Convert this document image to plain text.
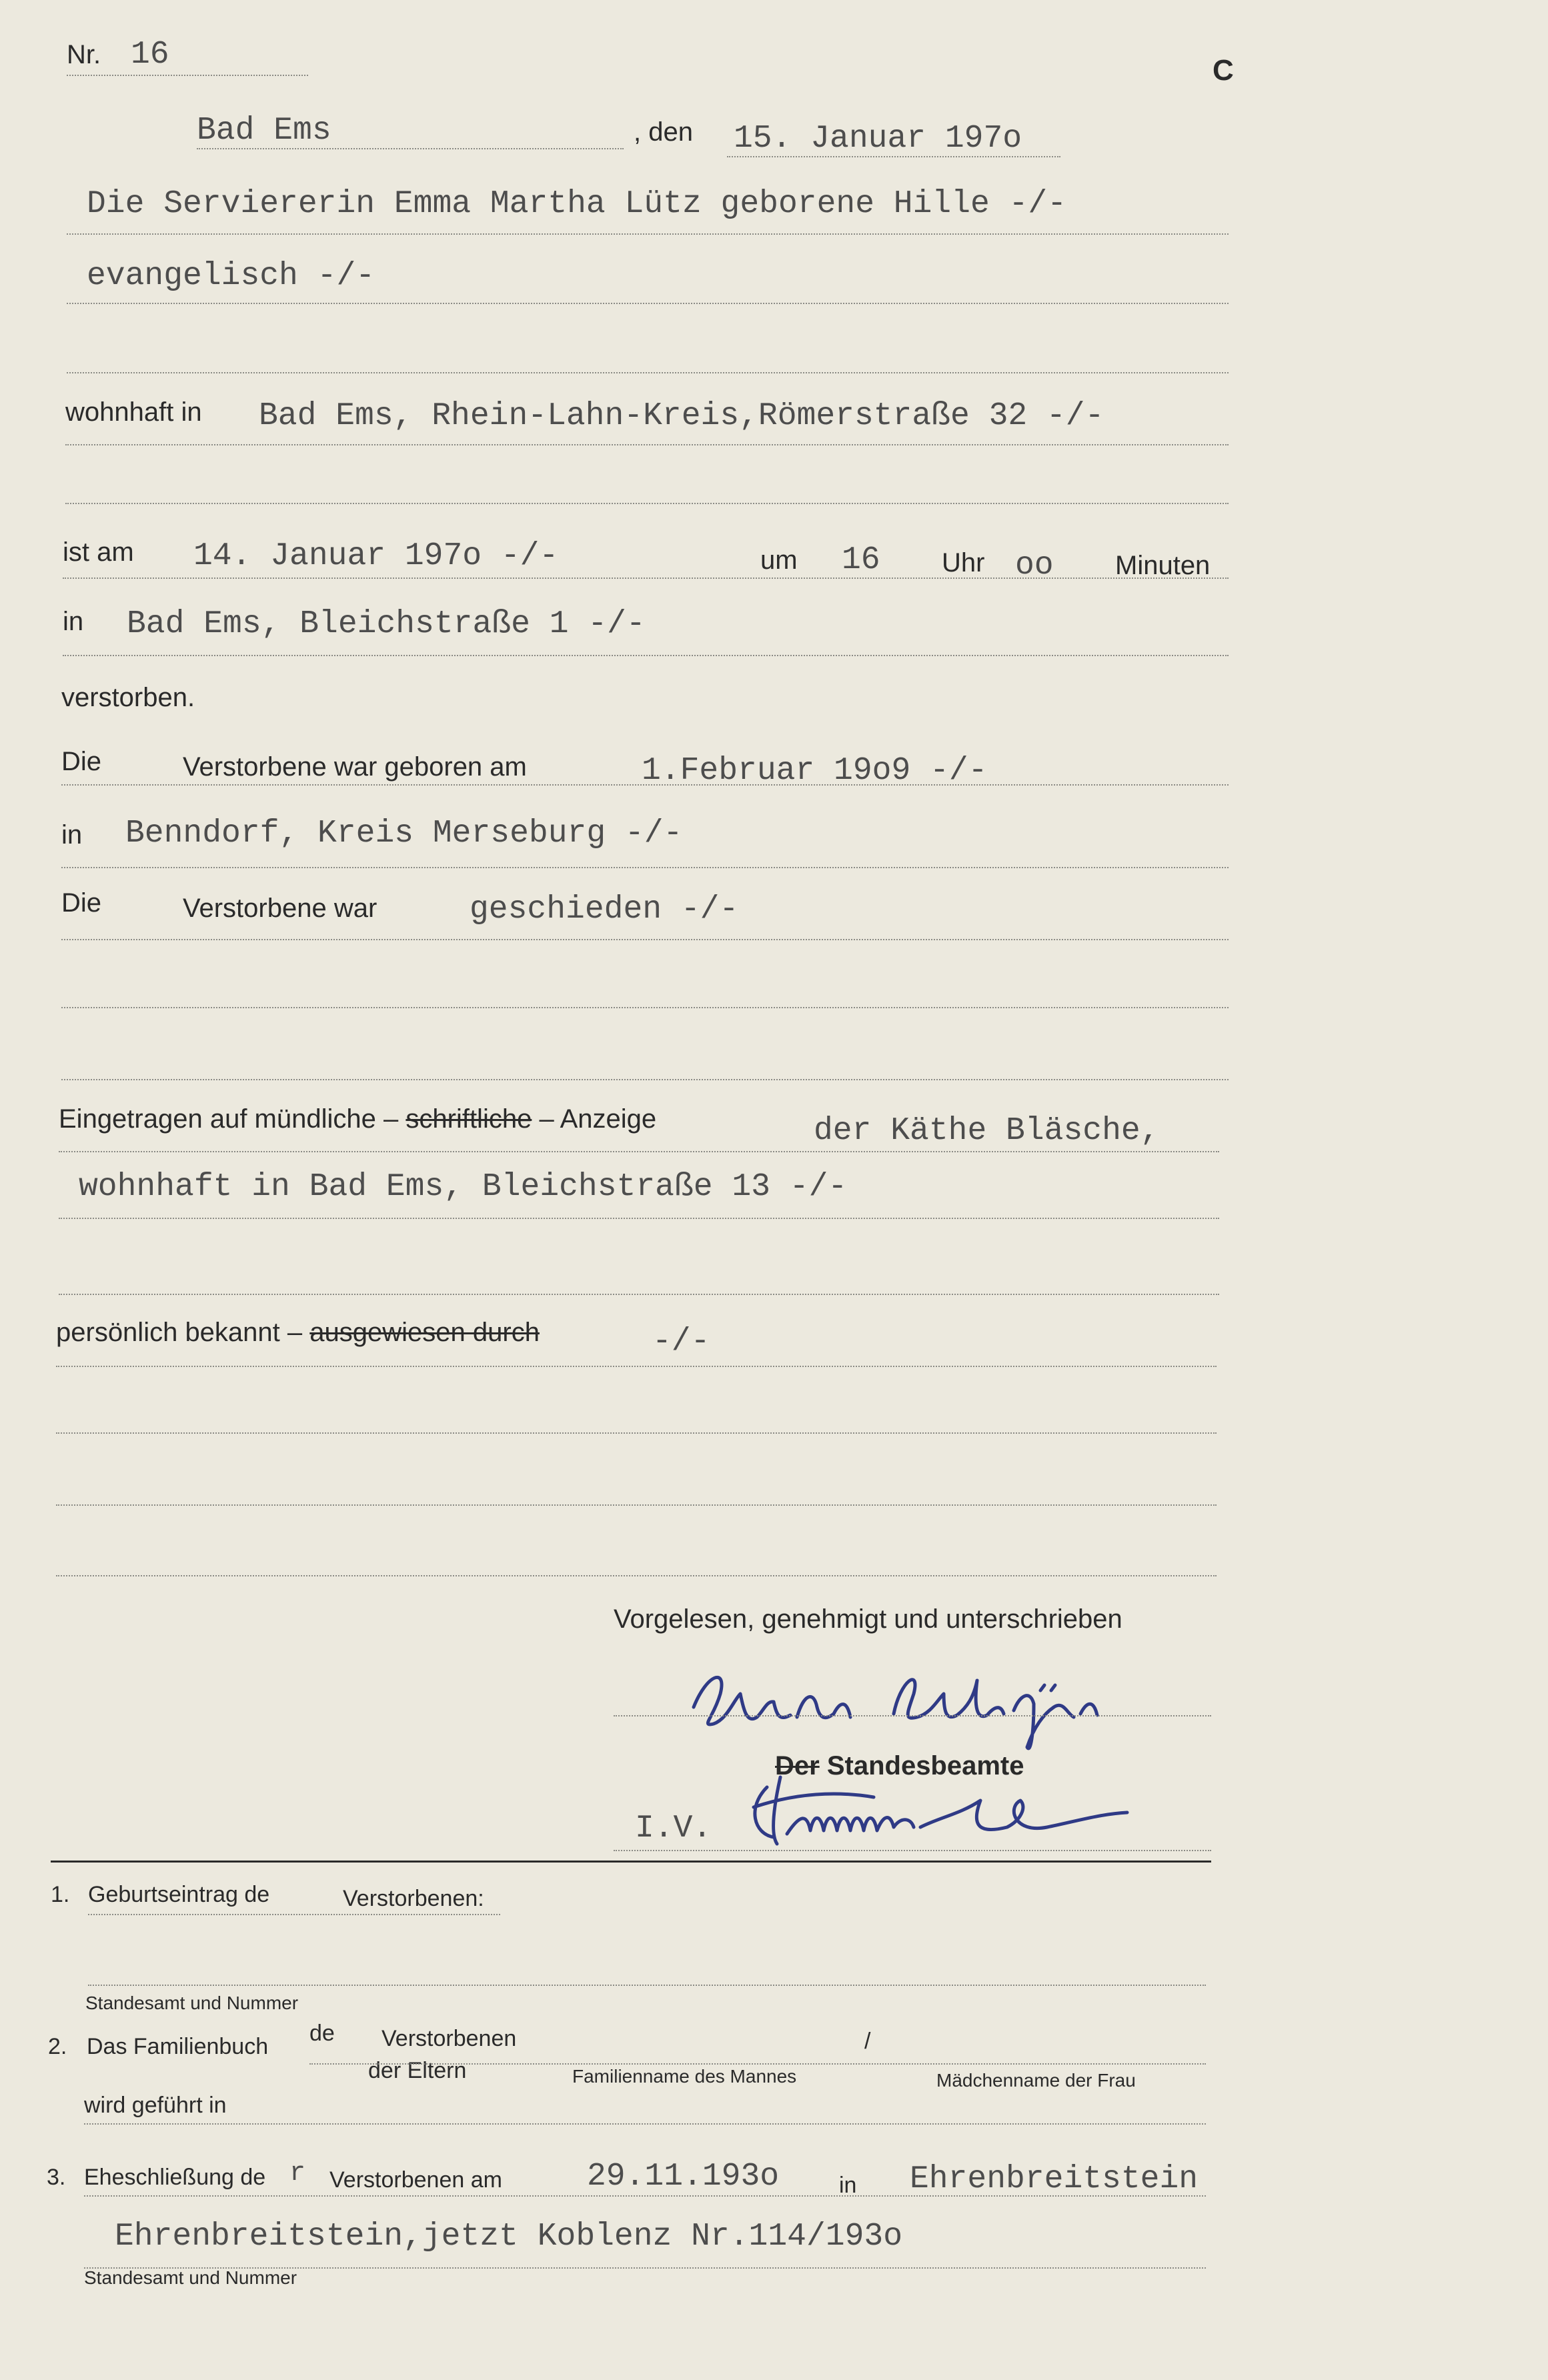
Nr. 16	C
Bad Ems	, den 15. Januar 197o
Die Serviererin Emma Martha Lütz geborene Hille -/-
evangelisch -/-
wohnhaft in Bad Ems, Rhein-Lahn-Kreis,Römerstraße 32 -/-
ist am 14. Januar 197o -/-	um 16 Uhr oo Minuten
in Bad Ems, Bleichstraße 1 -/-
verstorben.
Die	Verstorbene war geboren am	1.Februar 19o9 -/-
in Benndorf, Kreis Merseburg -/-
Die	Verstorbene war	geschieden -/-
Eingetragen auf mündliche – schriftliche – Anzeige	der Käthe Bläsche,
wohnhaft in Bad Ems, Bleichstraße 13 -/-
persönlich bekannt – ausgewiesen durch	-/-
Vorgelesen, genehmigt und unterschrieben
Der Standesbeamte
I.V.
1. Geburtseintrag de	Verstorbenen:
Standesamt und Nummer
2. Das Familienbuch
de Verstorbenen
der Eltern
/
Familienname des Mannes	Mädchenname der Frau
wird geführt in
3. Eheschließung de r Verstorbenen am	29.11.193o	in Ehrenbreitstein
Ehrenbreitstein,jetzt Koblenz Nr.114/193o
Standesamt und Nummer
